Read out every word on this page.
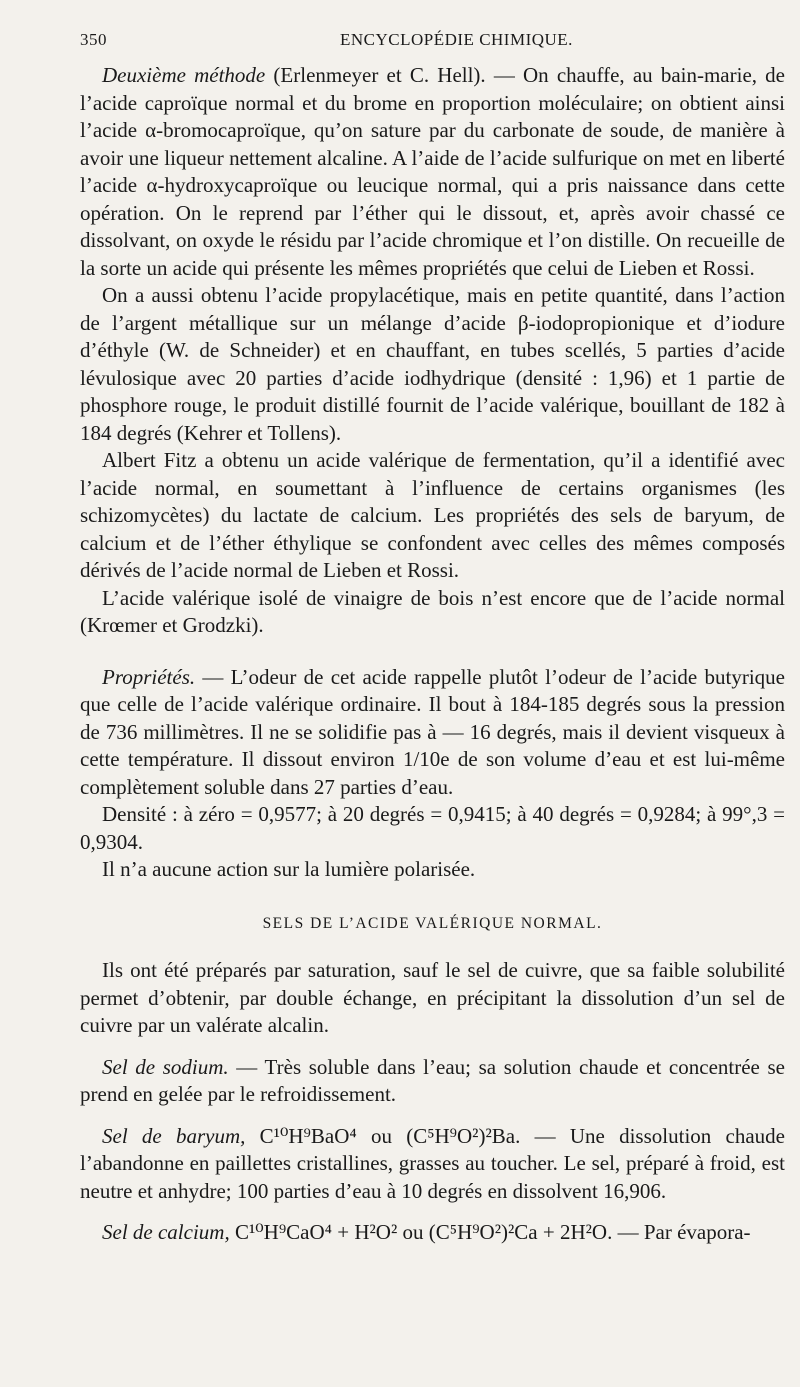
350	ENCYCLOPÉDIE CHIMIQUE.

Deuxième méthode (Erlenmeyer et C. Hell). — On chauffe, au bain-marie, de l’acide caproïque normal et du brome en proportion moléculaire; on obtient ainsi l’acide α-bromocaproïque, qu’on sature par du carbonate de soude, de manière à avoir une liqueur nettement alcaline. A l’aide de l’acide sulfurique on met en liberté l’acide α-hydroxycaproïque ou leucique normal, qui a pris naissance dans cette opération. On le reprend par l’éther qui le dissout, et, après avoir chassé ce dissolvant, on oxyde le résidu par l’acide chromique et l’on distille. On recueille de la sorte un acide qui présente les mêmes propriétés que celui de Lieben et Rossi.

On a aussi obtenu l’acide propylacétique, mais en petite quantité, dans l’action de l’argent métallique sur un mélange d’acide β-iodopropionique et d’iodure d’éthyle (W. de Schneider) et en chauffant, en tubes scellés, 5 parties d’acide lévulosique avec 20 parties d’acide iodhydrique (densité : 1,96) et 1 partie de phosphore rouge, le produit distillé fournit de l’acide valérique, bouillant de 182 à 184 degrés (Kehrer et Tollens).

Albert Fitz a obtenu un acide valérique de fermentation, qu’il a identifié avec l’acide normal, en soumettant à l’influence de certains organismes (les schizomycètes) du lactate de calcium. Les propriétés des sels de baryum, de calcium et de l’éther éthylique se confondent avec celles des mêmes composés dérivés de l’acide normal de Lieben et Rossi.

L’acide valérique isolé de vinaigre de bois n’est encore que de l’acide normal (Krœmer et Grodzki).

Propriétés. — L’odeur de cet acide rappelle plutôt l’odeur de l’acide butyrique que celle de l’acide valérique ordinaire. Il bout à 184-185 degrés sous la pression de 736 millimètres. Il ne se solidifie pas à — 16 degrés, mais il devient visqueux à cette température. Il dissout environ 1/10e de son volume d’eau et est lui-même complètement soluble dans 27 parties d’eau.

Densité : à zéro = 0,9577; à 20 degrés = 0,9415; à 40 degrés = 0,9284; à 99°,3 = 0,9304.

Il n’a aucune action sur la lumière polarisée.

SELS DE L’ACIDE VALÉRIQUE NORMAL.

Ils ont été préparés par saturation, sauf le sel de cuivre, que sa faible solubilité permet d’obtenir, par double échange, en précipitant la dissolution d’un sel de cuivre par un valérate alcalin.

Sel de sodium. — Très soluble dans l’eau; sa solution chaude et concentrée se prend en gelée par le refroidissement.

Sel de baryum, C¹⁰H⁹BaO⁴ ou (C⁵H⁹O²)²Ba. — Une dissolution chaude l’abandonne en paillettes cristallines, grasses au toucher. Le sel, préparé à froid, est neutre et anhydre; 100 parties d’eau à 10 degrés en dissolvent 16,906.

Sel de calcium, C¹⁰H⁹CaO⁴ + H²O² ou (C⁵H⁹O²)²Ca + 2H²O. — Par évapora-
